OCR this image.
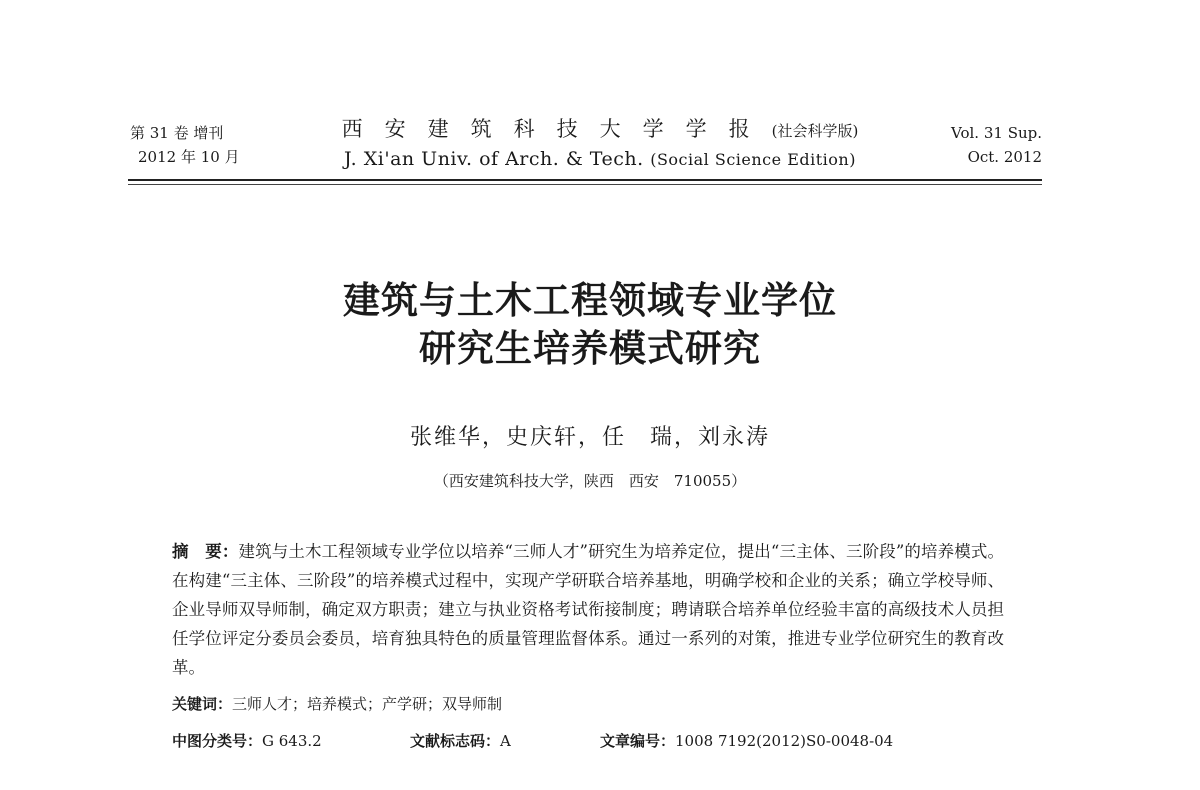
第 31 卷 增刊
2012 年 10 月
西安建筑科技大学学报(社会科学版)
J. Xi'an Univ. of Arch. & Tech. (Social Science Edition)
Vol. 31 Sup.
Oct. 2012
建筑与土木工程领域专业学位
研究生培养模式研究
张维华，史庆轩，任　瑞，刘永涛
（西安建筑科技大学，陕西　西安　710055）
摘　要：建筑与土木工程领域专业学位以培养“三师人才”研究生为培养定位，提出“三主体、三阶段”的培养模式。在构建“三主体、三阶段”的培养模式过程中，实现产学研联合培养基地，明确学校和企业的关系；确立学校导师、企业导师双导师制，确定双方职责；建立与执业资格考试衔接制度；聘请联合培养单位经验丰富的高级技术人员担任学位评定分委员会委员，培育独具特色的质量管理监督体系。通过一系列的对策，推进专业学位研究生的教育改革。
关键词：三师人才；培养模式；产学研；双导师制
中图分类号：G 643.2	文献标志码：A	文章编号：1008 7192(2012)S0-0048-04
